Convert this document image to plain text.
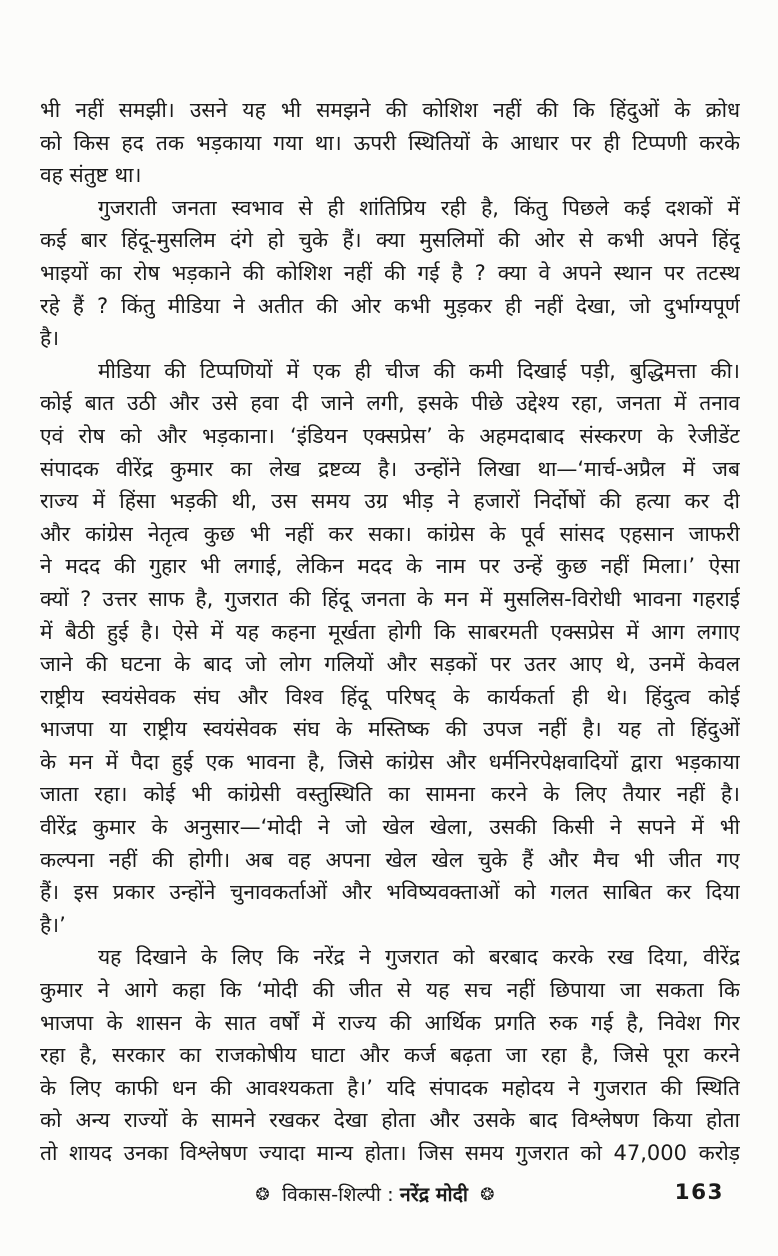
भी नहीं समझी। उसने यह भी समझने की कोशिश नहीं की कि हिंदुओं के क्रोध
को किस हद तक भड़काया गया था। ऊपरी स्थितियों के आधार पर ही टिप्पणी करके
वह संतुष्ट था।
गुजराती जनता स्वभाव से ही शांतिप्रिय रही है, किंतु पिछले कई दशकों में
कई बार हिंदू-मुसलिम दंगे हो चुके हैं। क्या मुसलिमों की ओर से कभी अपने हिंदू
भाइयों का रोष भड़काने की कोशिश नहीं की गई है ? क्या वे अपने स्थान पर तटस्थ
रहे हैं ? किंतु मीडिया ने अतीत की ओर कभी मुड़कर ही नहीं देखा, जो दुर्भाग्यपूर्ण
है।
मीडिया की टिप्पणियों में एक ही चीज की कमी दिखाई पड़ी, बुद्धिमत्ता की।
कोई बात उठी और उसे हवा दी जाने लगी, इसके पीछे उद्देश्य रहा, जनता में तनाव
एवं रोष को और भड़काना। ‘इंडियन एक्सप्रेस’ के अहमदाबाद संस्करण के रेजीडेंट
संपादक वीरेंद्र कुमार का लेख द्रष्टव्य है। उन्होंने लिखा था—‘मार्च-अप्रैल में जब
राज्य में हिंसा भड़की थी, उस समय उग्र भीड़ ने हजारों निर्दोषों की हत्या कर दी
और कांग्रेस नेतृत्व कुछ भी नहीं कर सका। कांग्रेस के पूर्व सांसद एहसान जाफरी
ने मदद की गुहार भी लगाई, लेकिन मदद के नाम पर उन्हें कुछ नहीं मिला।’ ऐसा
क्यों ? उत्तर साफ है, गुजरात की हिंदू जनता के मन में मुसलिस-विरोधी भावना गहराई
में बैठी हुई है। ऐसे में यह कहना मूर्खता होगी कि साबरमती एक्सप्रेस में आग लगाए
जाने की घटना के बाद जो लोग गलियों और सड़कों पर उतर आए थे, उनमें केवल
राष्ट्रीय स्वयंसेवक संघ और विश्व हिंदू परिषद् के कार्यकर्ता ही थे। हिंदुत्व कोई
भाजपा या राष्ट्रीय स्वयंसेवक संघ के मस्तिष्क की उपज नहीं है। यह तो हिंदुओं
के मन में पैदा हुई एक भावना है, जिसे कांग्रेस और धर्मनिरपेक्षवादियों द्वारा भड़काया
जाता रहा। कोई भी कांग्रेसी वस्तुस्थिति का सामना करने के लिए तैयार नहीं है।
वीरेंद्र कुमार के अनुसार—‘मोदी ने जो खेल खेला, उसकी किसी ने सपने में भी
कल्पना नहीं की होगी। अब वह अपना खेल खेल चुके हैं और मैच भी जीत गए
हैं। इस प्रकार उन्होंने चुनावकर्ताओं और भविष्यवक्ताओं को गलत साबित कर दिया
है।’
यह दिखाने के लिए कि नरेंद्र ने गुजरात को बरबाद करके रख दिया, वीरेंद्र
कुमार ने आगे कहा कि ‘मोदी की जीत से यह सच नहीं छिपाया जा सकता कि
भाजपा के शासन के सात वर्षों में राज्य की आर्थिक प्रगति रुक गई है, निवेश गिर
रहा है, सरकार का राजकोषीय घाटा और कर्ज बढ़ता जा रहा है, जिसे पूरा करने
के लिए काफी धन की आवश्यकता है।’ यदि संपादक महोदय ने गुजरात की स्थिति
को अन्य राज्यों के सामने रखकर देखा होता और उसके बाद विश्लेषण किया होता
तो शायद उनका विश्लेषण ज्यादा मान्य होता। जिस समय गुजरात को 47,000 करोड़
❂ विकास-शिल्पी : नरेंद्र मोदी ❂	163
